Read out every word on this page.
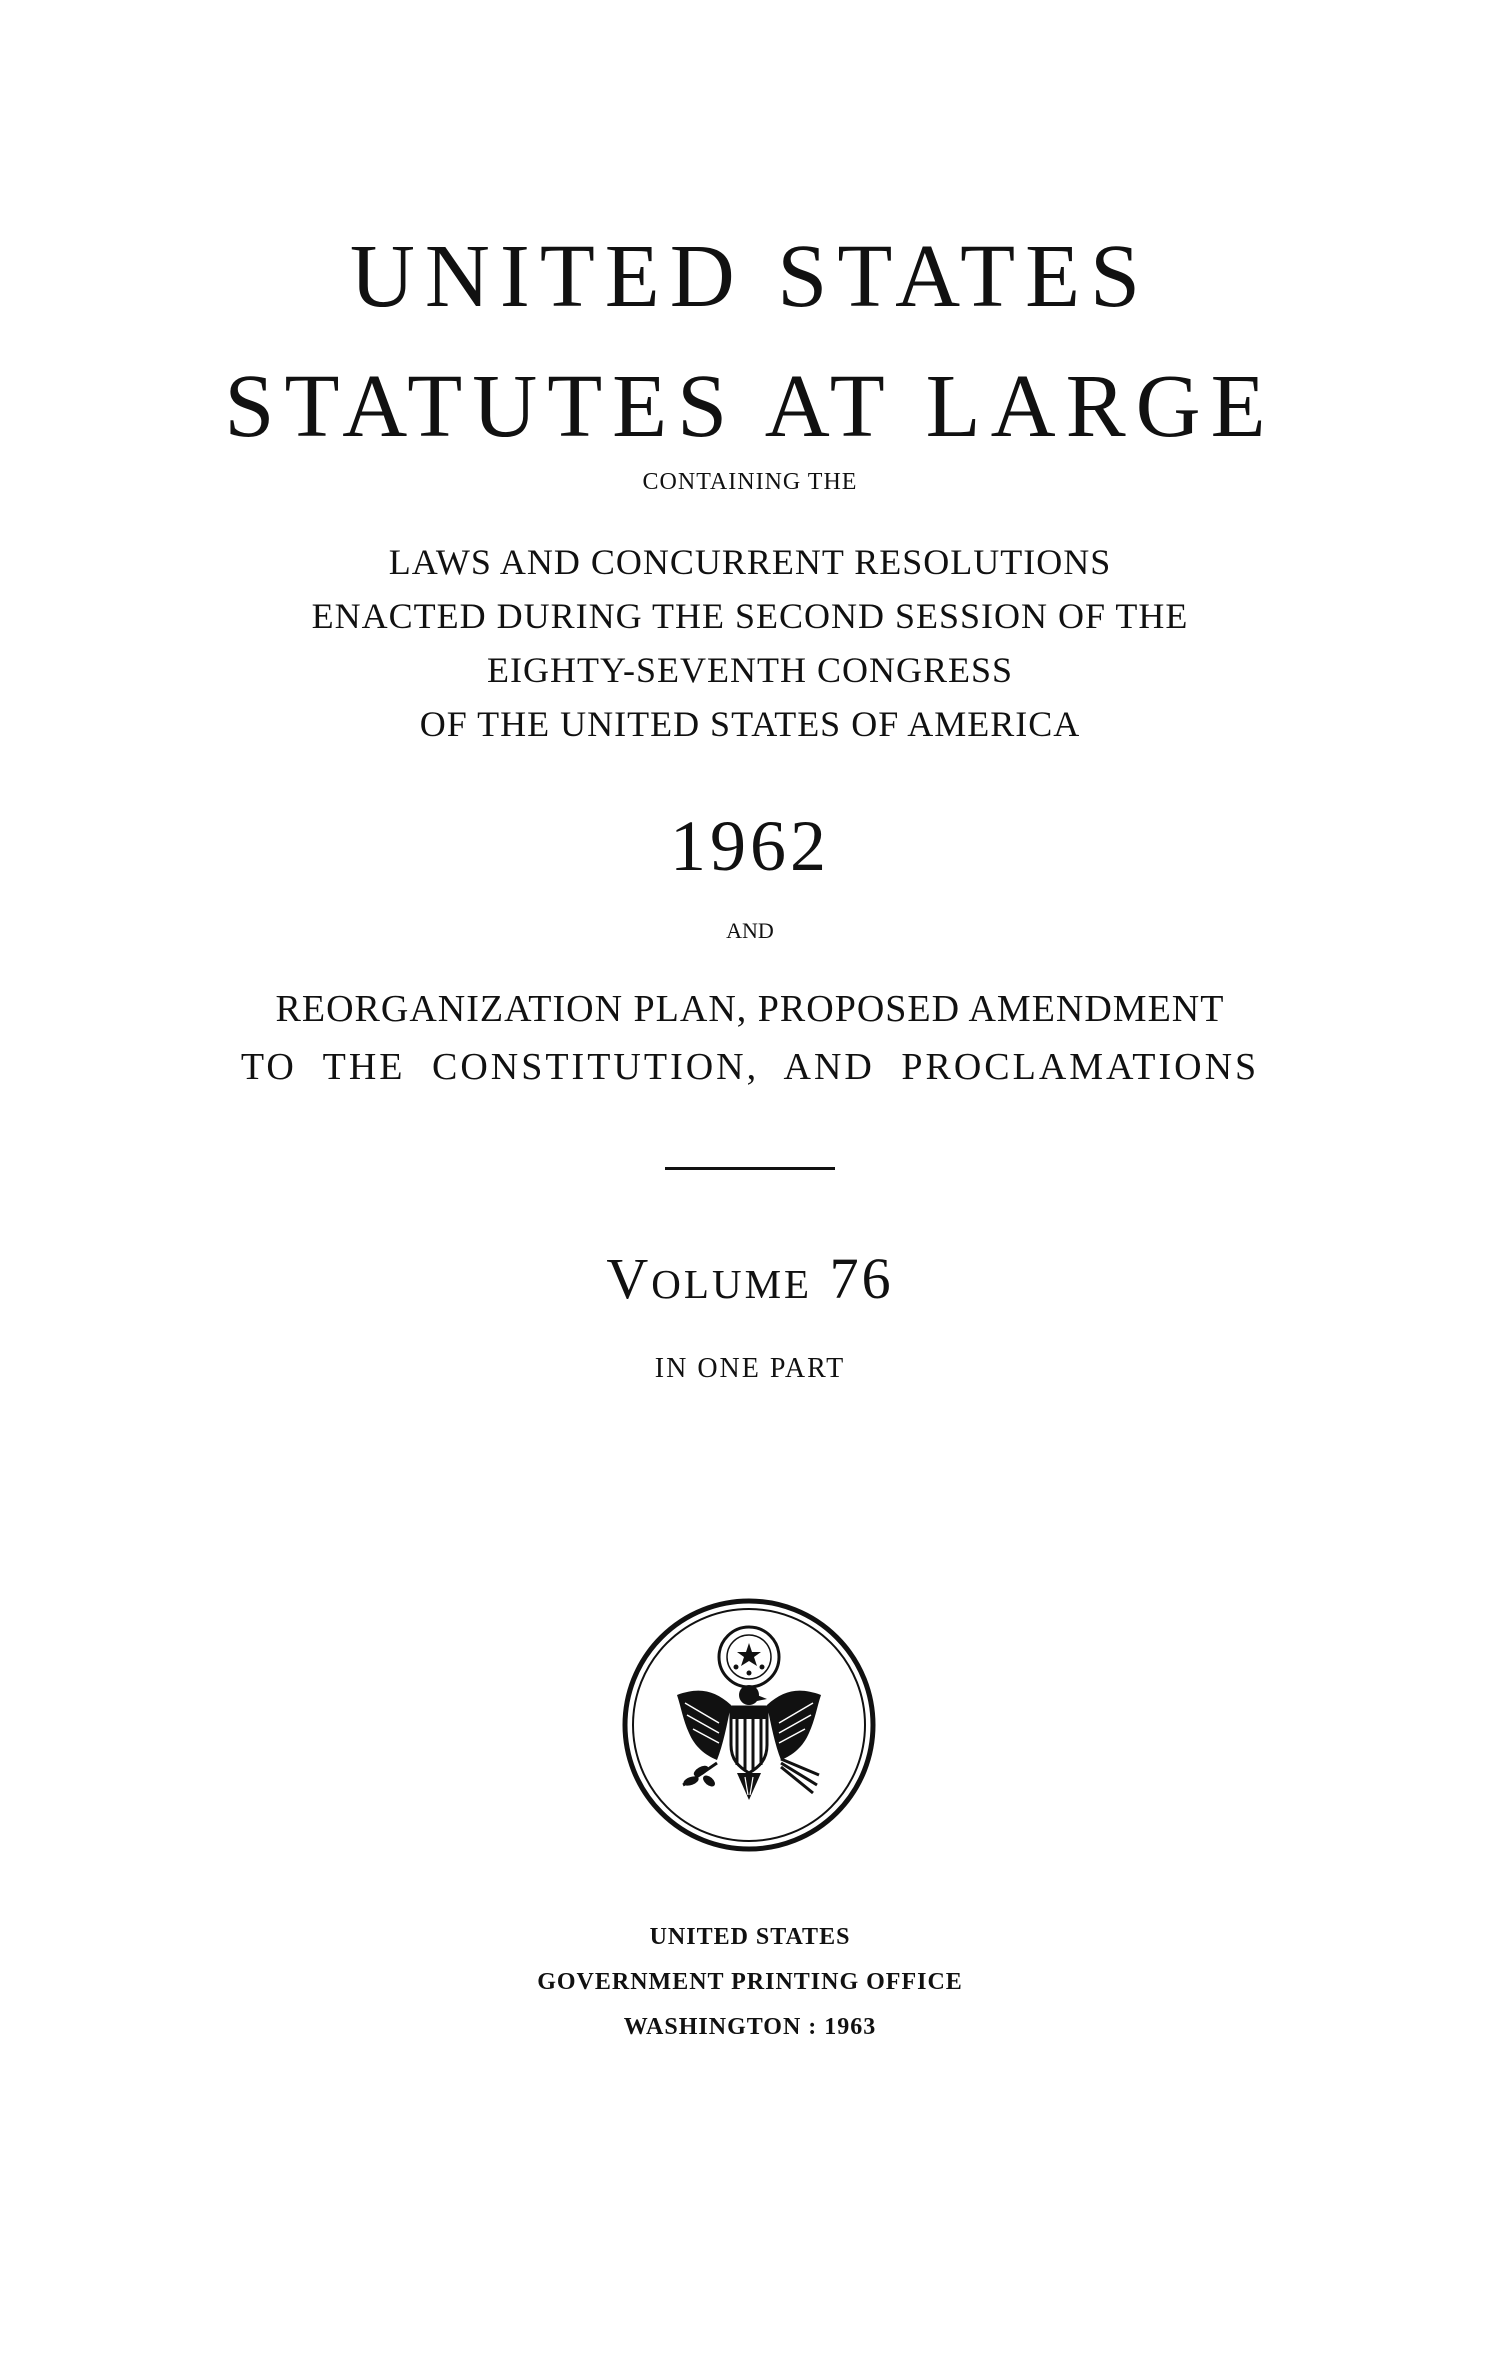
UNITED STATES
STATUTES AT LARGE
CONTAINING THE
LAWS AND CONCURRENT RESOLUTIONS
ENACTED DURING THE SECOND SESSION OF THE
EIGHTY-SEVENTH CONGRESS
OF THE UNITED STATES OF AMERICA
1962
AND
REORGANIZATION PLAN, PROPOSED AMENDMENT
TO THE CONSTITUTION, AND PROCLAMATIONS
Volume 76
IN ONE PART
UNITED STATES
GOVERNMENT PRINTING OFFICE
WASHINGTON : 1963
